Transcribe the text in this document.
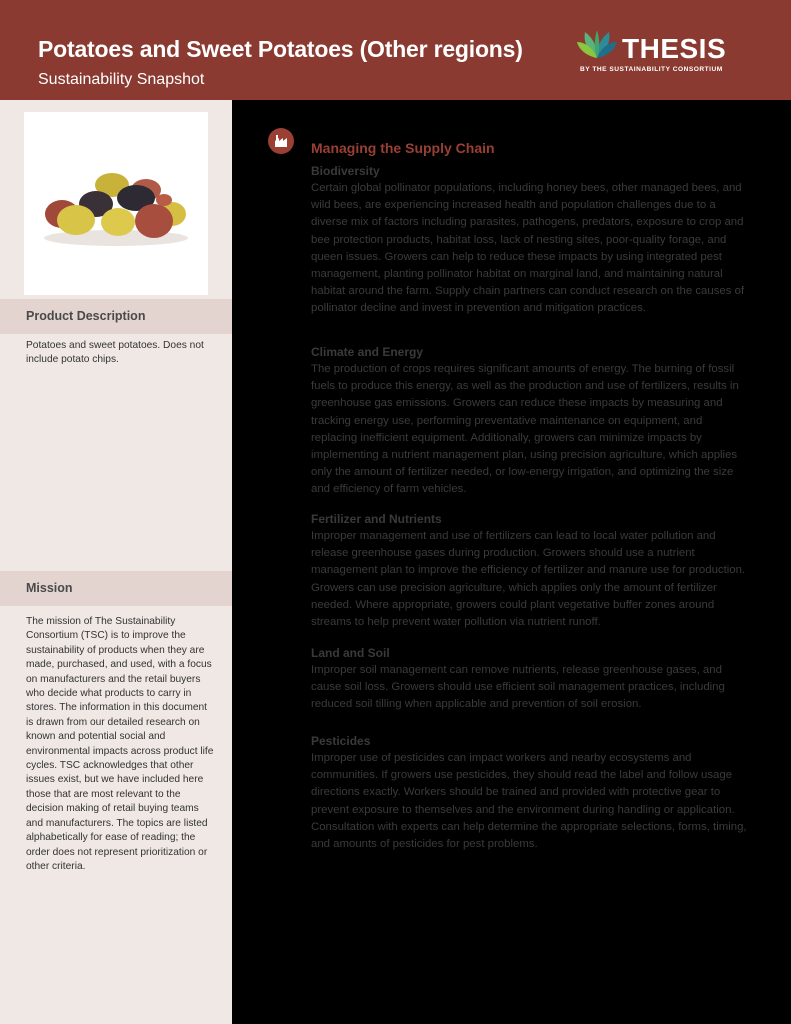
Potatoes and Sweet Potatoes (Other regions)
Sustainability Snapshot
THESIS
BY THE SUSTAINABILITY CONSORTIUM
Product Description
Potatoes and sweet potatoes. Does not include potato chips.
Mission
The mission of The Sustainability Consortium (TSC) is to improve the sustainability of products when they are made, purchased, and used, with a focus on manufacturers and the retail buyers who decide what products to carry in stores. The information in this document is drawn from our detailed research on known and potential social and environmental impacts across product life cycles. TSC acknowledges that other issues exist, but we have included here those that are most relevant to the decision making of retail buying teams and manufacturers. The topics are listed alphabetically for ease of reading; the order does not represent prioritization or other criteria.
Managing the Supply Chain
Biodiversity

Certain global pollinator populations, including honey bees, other managed bees, and wild bees, are experiencing increased health and population challenges due to a diverse mix of factors including parasites, pathogens, predators, exposure to crop and bee protection products, habitat loss, lack of nesting sites, poor-quality forage, and queen issues. Growers can help to reduce these impacts by using integrated pest management, planting pollinator habitat on marginal land, and maintaining natural habitat around the farm. Supply chain partners can conduct research on the causes of pollinator decline and invest in prevention and mitigation practices.

Climate and Energy

The production of crops requires significant amounts of energy. The burning of fossil fuels to produce this energy, as well as the production and use of fertilizers, results in greenhouse gas emissions. Growers can reduce these impacts by measuring and tracking energy use, performing preventative maintenance on equipment, and replacing inefficient equipment. Additionally, growers can minimize impacts by implementing a nutrient management plan, using precision agriculture, which applies only the amount of fertilizer needed, or low-energy irrigation, and optimizing the size and efficiency of farm vehicles.

Fertilizer and Nutrients

Improper management and use of fertilizers can lead to local water pollution and release greenhouse gases during production. Growers should use a nutrient management plan to improve the efficiency of fertilizer and manure use for production. Growers can use precision agriculture, which applies only the amount of fertilizer needed. Where appropriate, growers could plant vegetative buffer zones around streams to help prevent water pollution via nutrient runoff.

Land and Soil

Improper soil management can remove nutrients, release greenhouse gases, and cause soil loss. Growers should use efficient soil management practices, including reduced soil tilling when applicable and prevention of soil erosion.

Pesticides

Improper use of pesticides can impact workers and nearby ecosystems and communities. If growers use pesticides, they should read the label and follow usage directions exactly. Workers should be trained and provided with protective gear to prevent exposure to themselves and the environment during handling or application. Consultation with experts can help determine the appropriate selections, forms, timing, and amounts of pesticides for pest problems.
